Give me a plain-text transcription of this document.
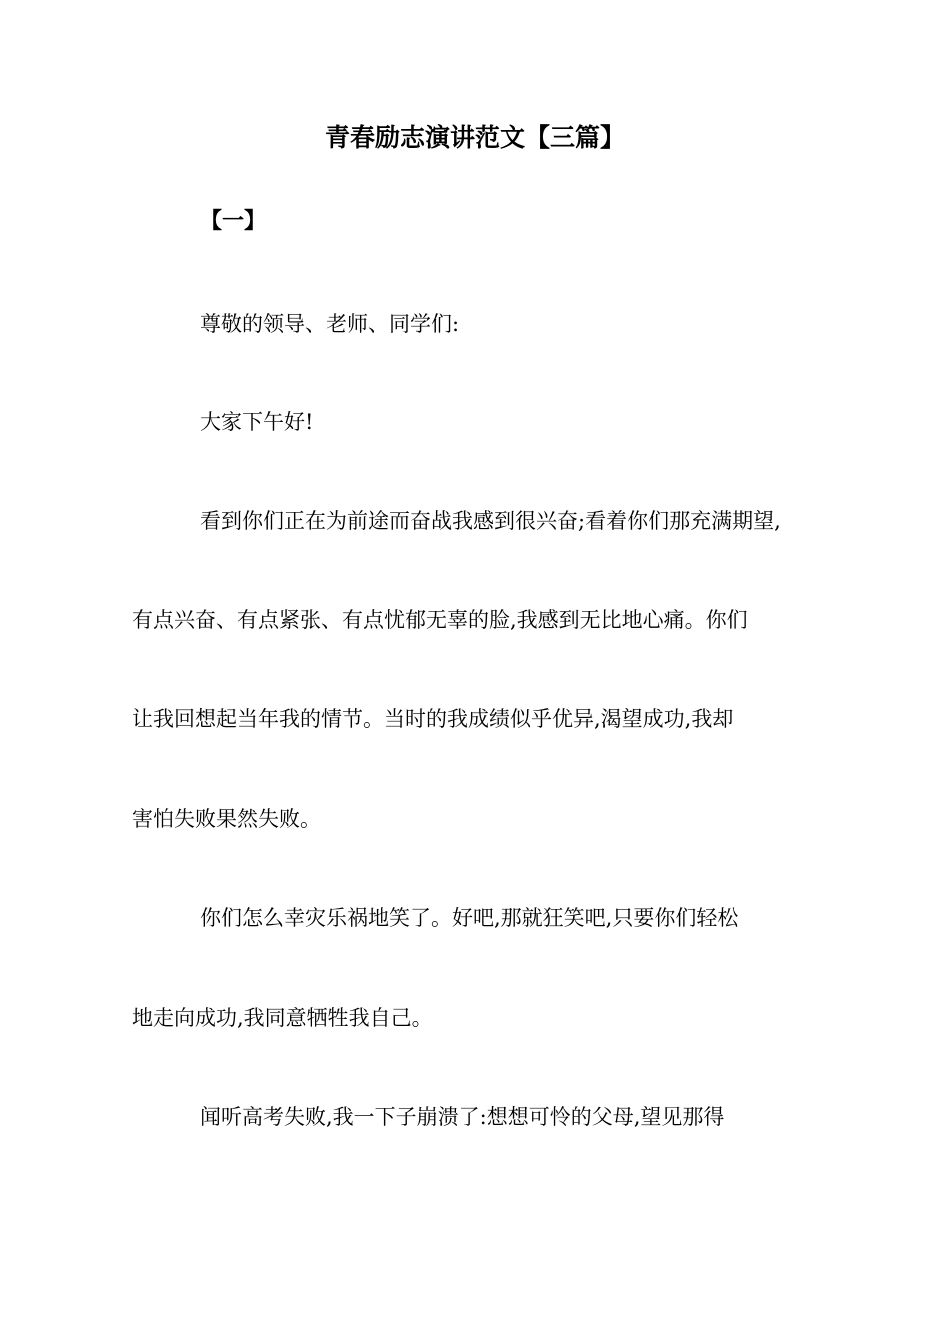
青春励志演讲范文【三篇】
【一】
尊敬的领导、老师、同学们:
大家下午好!
看到你们正在为前途而奋战我感到很兴奋;看着你们那充满期望,
有点兴奋、有点紧张、有点忧郁无辜的脸,我感到无比地心痛。你们
让我回想起当年我的情节。当时的我成绩似乎优异,渴望成功,我却
害怕失败果然失败。
你们怎么幸灾乐祸地笑了。好吧,那就狂笑吧,只要你们轻松
地走向成功,我同意牺牲我自己。
闻听高考失败,我一下子崩溃了:想想可怜的父母,望见那得
